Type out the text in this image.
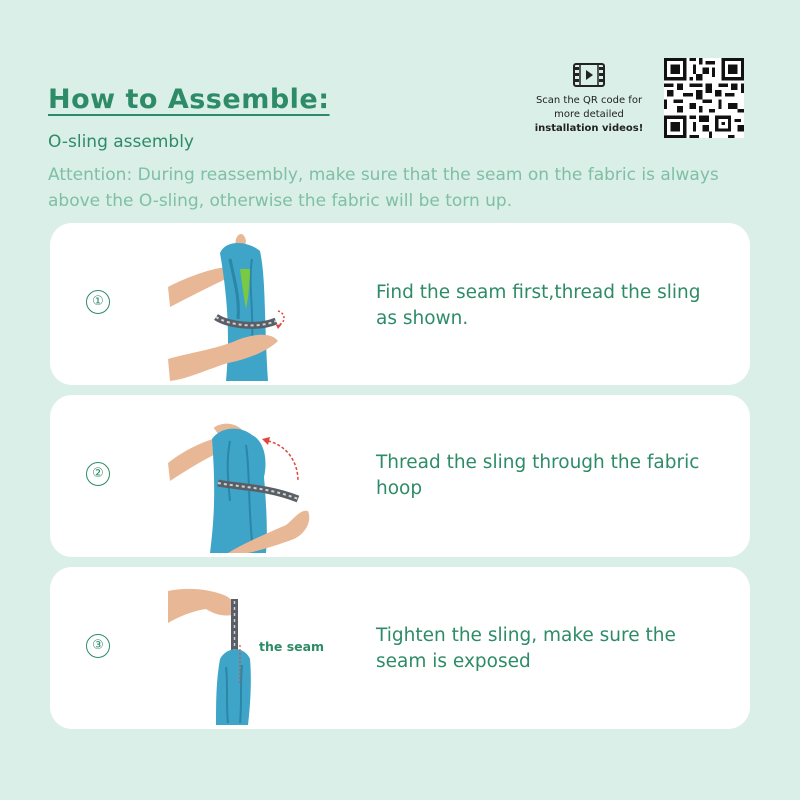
How to Assemble:
O-sling assembly
Attention: During reassembly, make sure that the seam on the fabric is always above the O-sling, otherwise the fabric will be torn up.
Scan the QR code for
more detailed
installation videos!
①	Find the seam first,thread the sling as shown.
②
Thread the sling through the fabric hoop
③	the seam
Tighten the sling, make sure the seam is exposed
